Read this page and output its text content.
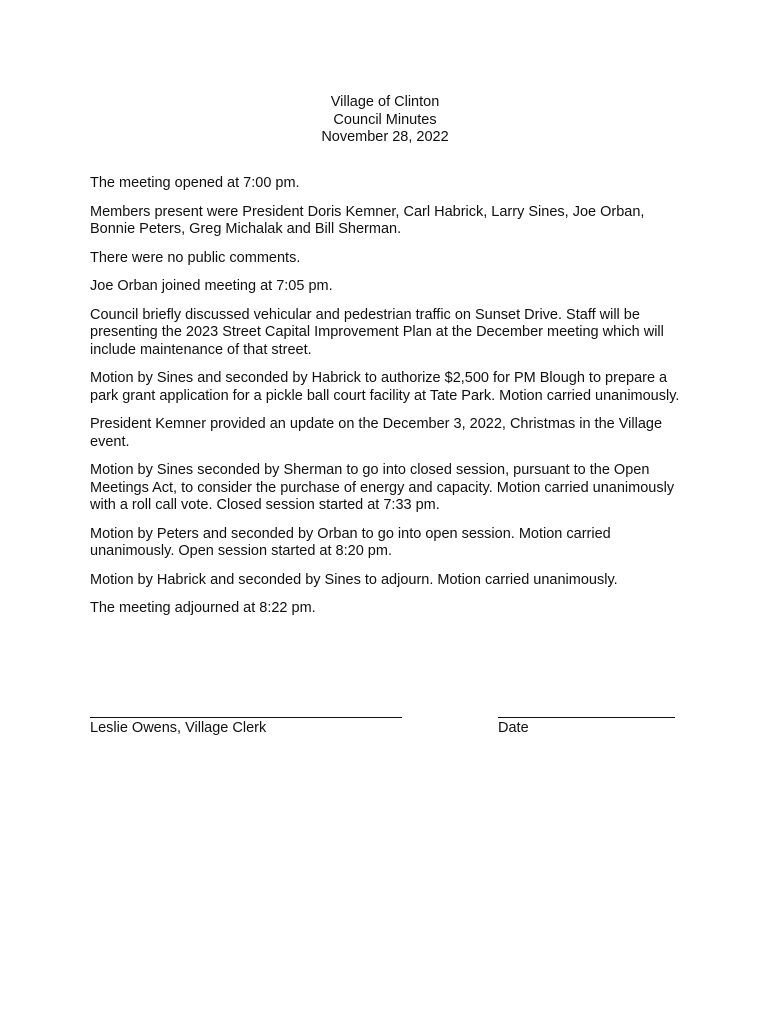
Village of Clinton
Council Minutes
November 28, 2022

The meeting opened at 7:00 pm.

Members present were President Doris Kemner, Carl Habrick, Larry Sines, Joe Orban, Bonnie Peters, Greg Michalak and Bill Sherman.

There were no public comments.

Joe Orban joined meeting at 7:05 pm.

Council briefly discussed vehicular and pedestrian traffic on Sunset Drive. Staff will be presenting the 2023 Street Capital Improvement Plan at the December meeting which will include maintenance of that street.

Motion by Sines and seconded by Habrick to authorize $2,500 for PM Blough to prepare a park grant application for a pickle ball court facility at Tate Park. Motion carried unanimously.

President Kemner provided an update on the December 3, 2022, Christmas in the Village event.

Motion by Sines seconded by Sherman to go into closed session, pursuant to the Open Meetings Act, to consider the purchase of energy and capacity. Motion carried unanimously with a roll call vote. Closed session started at 7:33 pm.

Motion by Peters and seconded by Orban to go into open session. Motion carried unanimously. Open session started at 8:20 pm.

Motion by Habrick and seconded by Sines to adjourn. Motion carried unanimously.

The meeting adjourned at 8:22 pm.

Leslie Owens, Village Clerk	Date
